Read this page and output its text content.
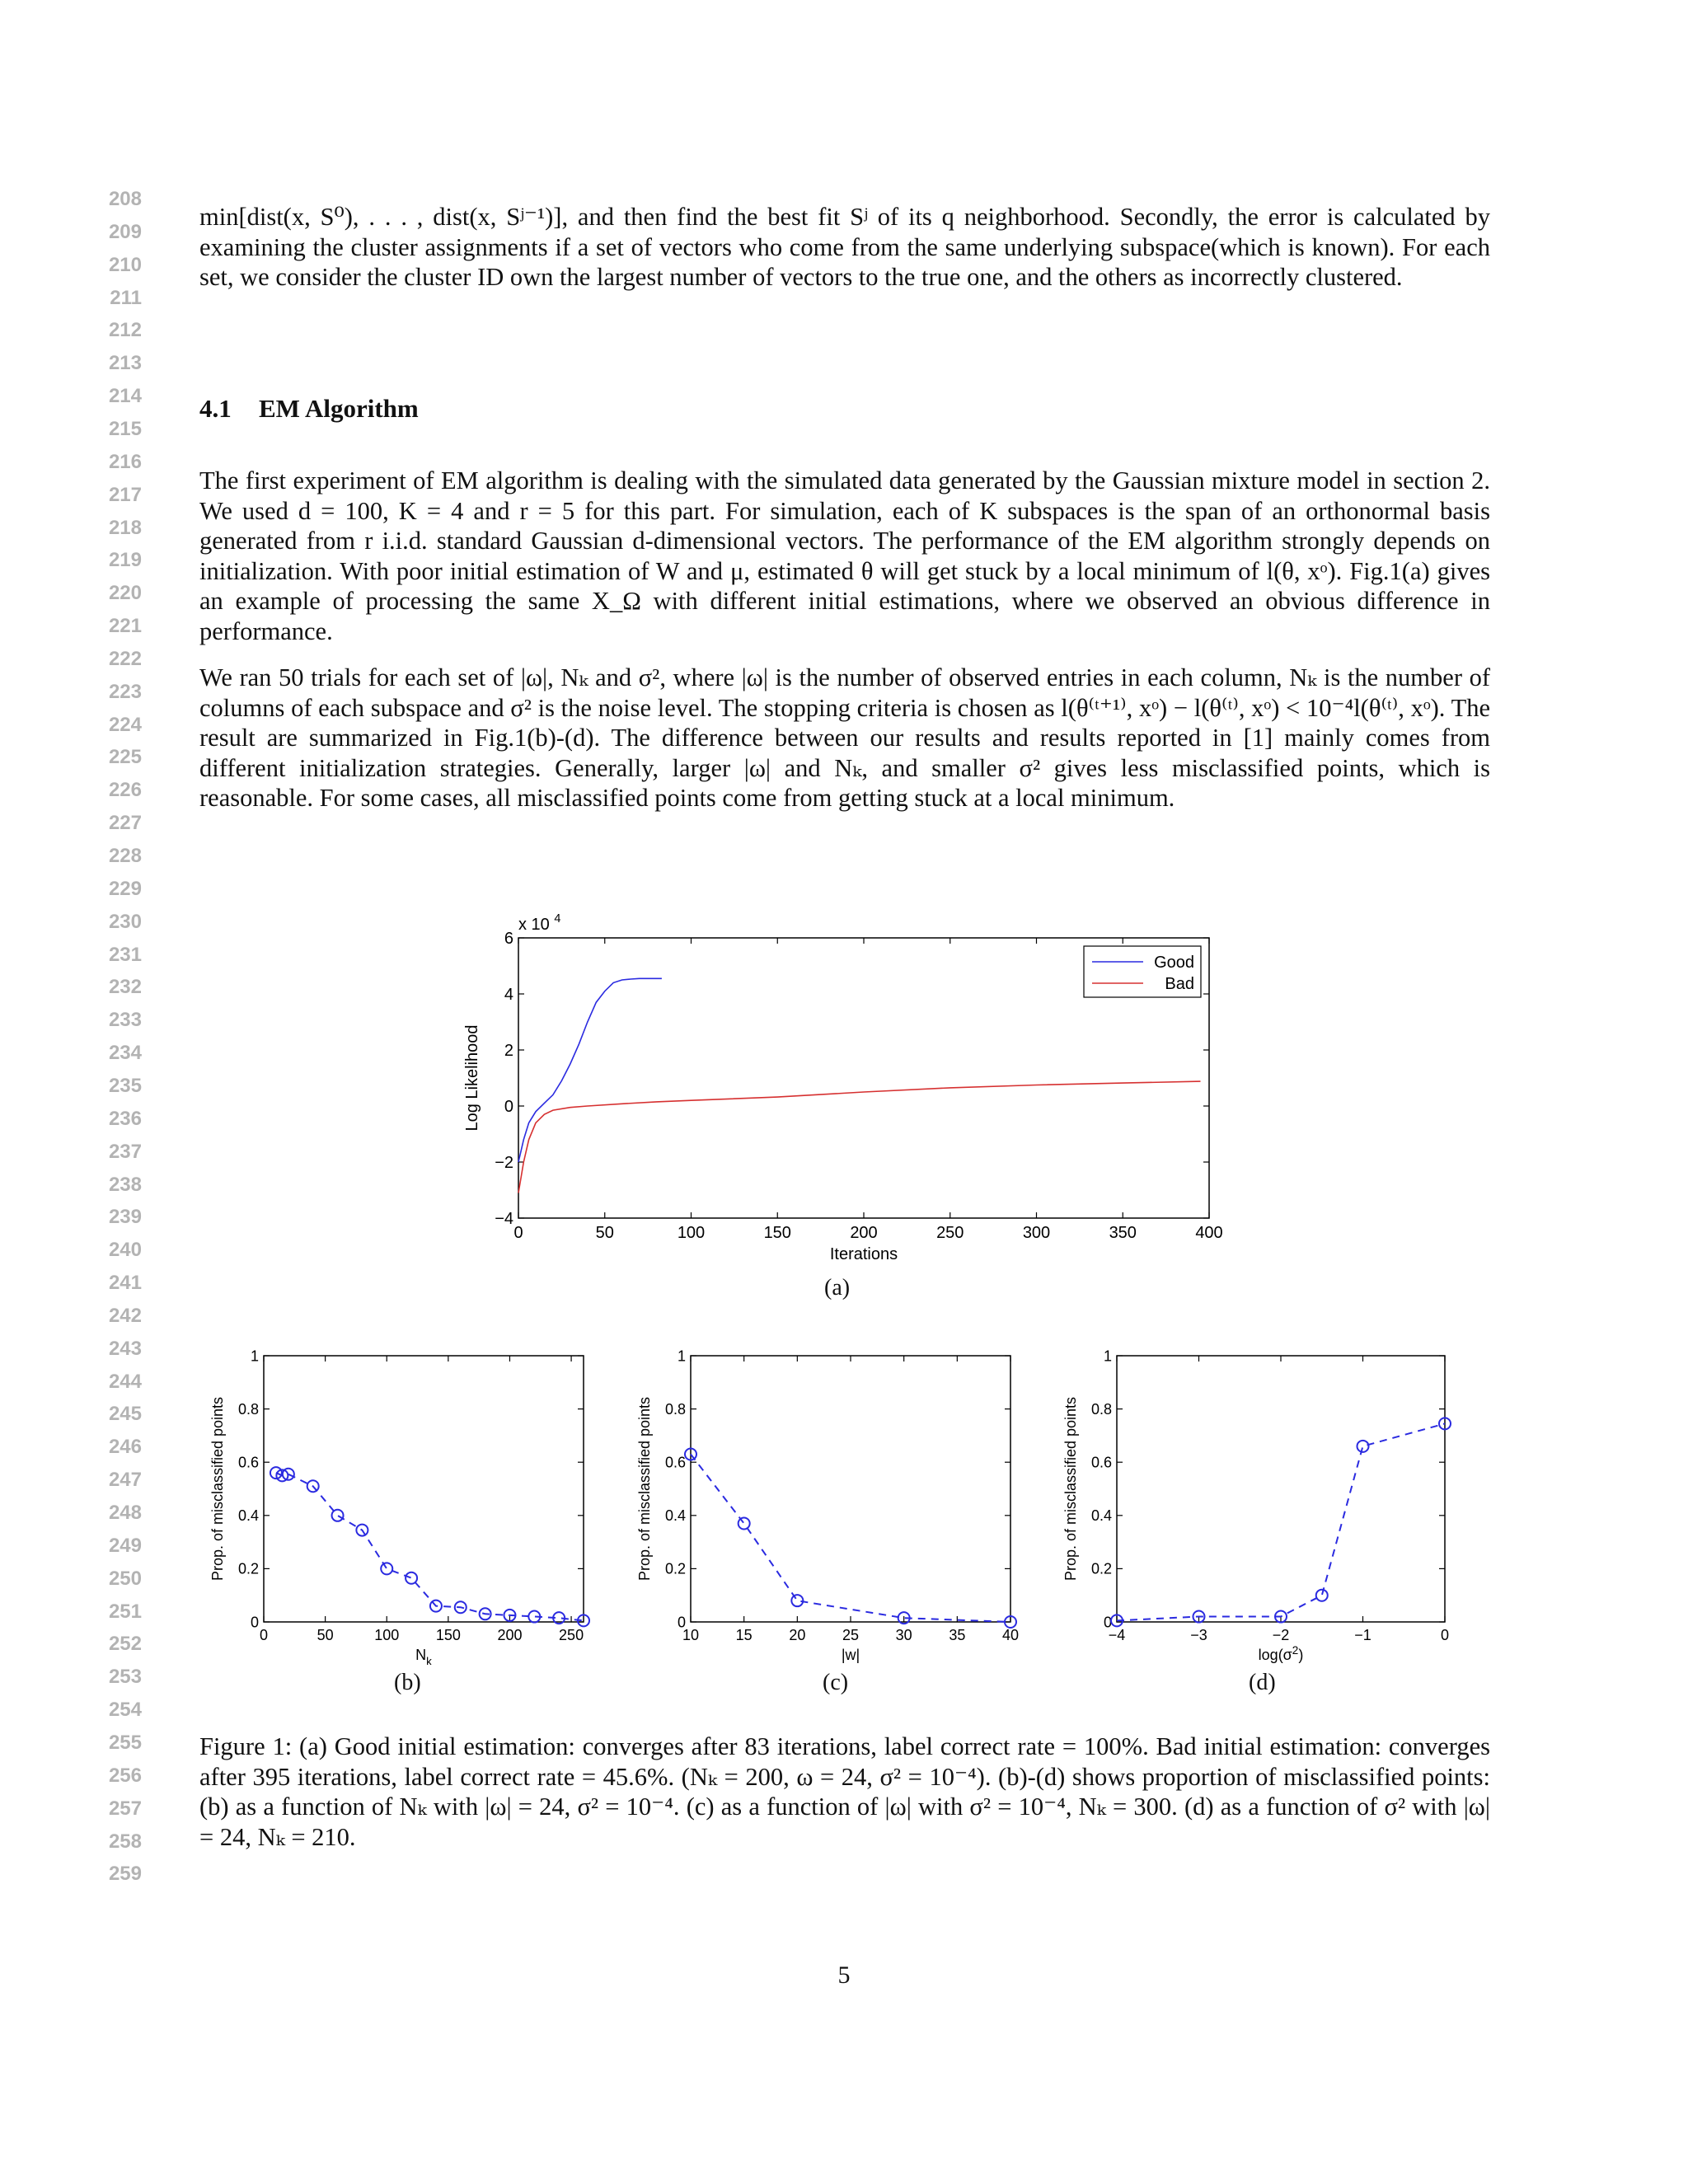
208
209
210
211
212
213
214
215
216
217
218
219
220
221
222
223
224
225
226
227
228
229
230
231
232
233
234
235
236
237
238
239
240
241
242
243
244
245
246
247
248
249
250
251
252
253
254
255
256
257
258
259

min[dist(x, S⁰), . . . , dist(x, Sʲ⁻¹)], and then find the best fit Sʲ of its q neighborhood. Secondly, the error is calculated by examining the cluster assignments if a set of vectors who come from the same underlying subspace(which is known). For each set, we consider the cluster ID own the largest number of vectors to the true one, and the others as incorrectly clustered.

4.1 EM Algorithm

The first experiment of EM algorithm is dealing with the simulated data generated by the Gaussian mixture model in section 2. We used d = 100, K = 4 and r = 5 for this part. For simulation, each of K subspaces is the span of an orthonormal basis generated from r i.i.d. standard Gaussian d-dimensional vectors. The performance of the EM algorithm strongly depends on initialization. With poor initial estimation of W and μ, estimated θ will get stuck by a local minimum of l(θ, xᵒ). Fig.1(a) gives an example of processing the same X_Ω with different initial estimations, where we observed an obvious difference in performance.

We ran 50 trials for each set of |ω|, Nₖ and σ², where |ω| is the number of observed entries in each column, Nₖ is the number of columns of each subspace and σ² is the noise level. The stopping criteria is chosen as l(θ⁽ᵗ⁺¹⁾, xᵒ) − l(θ⁽ᵗ⁾, xᵒ) < 10⁻⁴l(θ⁽ᵗ⁾, xᵒ). The result are summarized in Fig.1(b)-(d). The difference between our results and results reported in [1] mainly comes from different initialization strategies. Generally, larger |ω| and Nₖ, and smaller σ² gives less misclassified points, which is reasonable. For some cases, all misclassified points come from getting stuck at a local minimum.

0	50	100	150	200	250	300	350	400
−4
−2
0
2
4
6
Iterations
Log Likelihood
x 10 $^4$
Good
Bad
(a)
0	50	100 150 200 250
0
0.2
0.4
0.6
0.8
1
$N_k$
Prop. of misclassified points
10 15 20 25 30 35 40
0
0.2
0.4
0.6
0.8
1
|w|
Prop. of misclassified points
−4	−3	−2	−1	0
0
0.2
0.4
0.6
0.8
1
$\log(\sigma^2)$
Prop. of misclassified points
(b)	(c)	(d)
Figure 1: (a) Good initial estimation: converges after 83 iterations, label correct rate = 100%. Bad initial estimation: converges after 395 iterations, label correct rate = 45.6%. (Nₖ = 200, ω = 24, σ² = 10⁻⁴). (b)-(d) shows proportion of misclassified points: (b) as a function of Nₖ with |ω| = 24, σ² = 10⁻⁴. (c) as a function of |ω| with σ² = 10⁻⁴, Nₖ = 300. (d) as a function of σ² with |ω| = 24, Nₖ = 210.
5
